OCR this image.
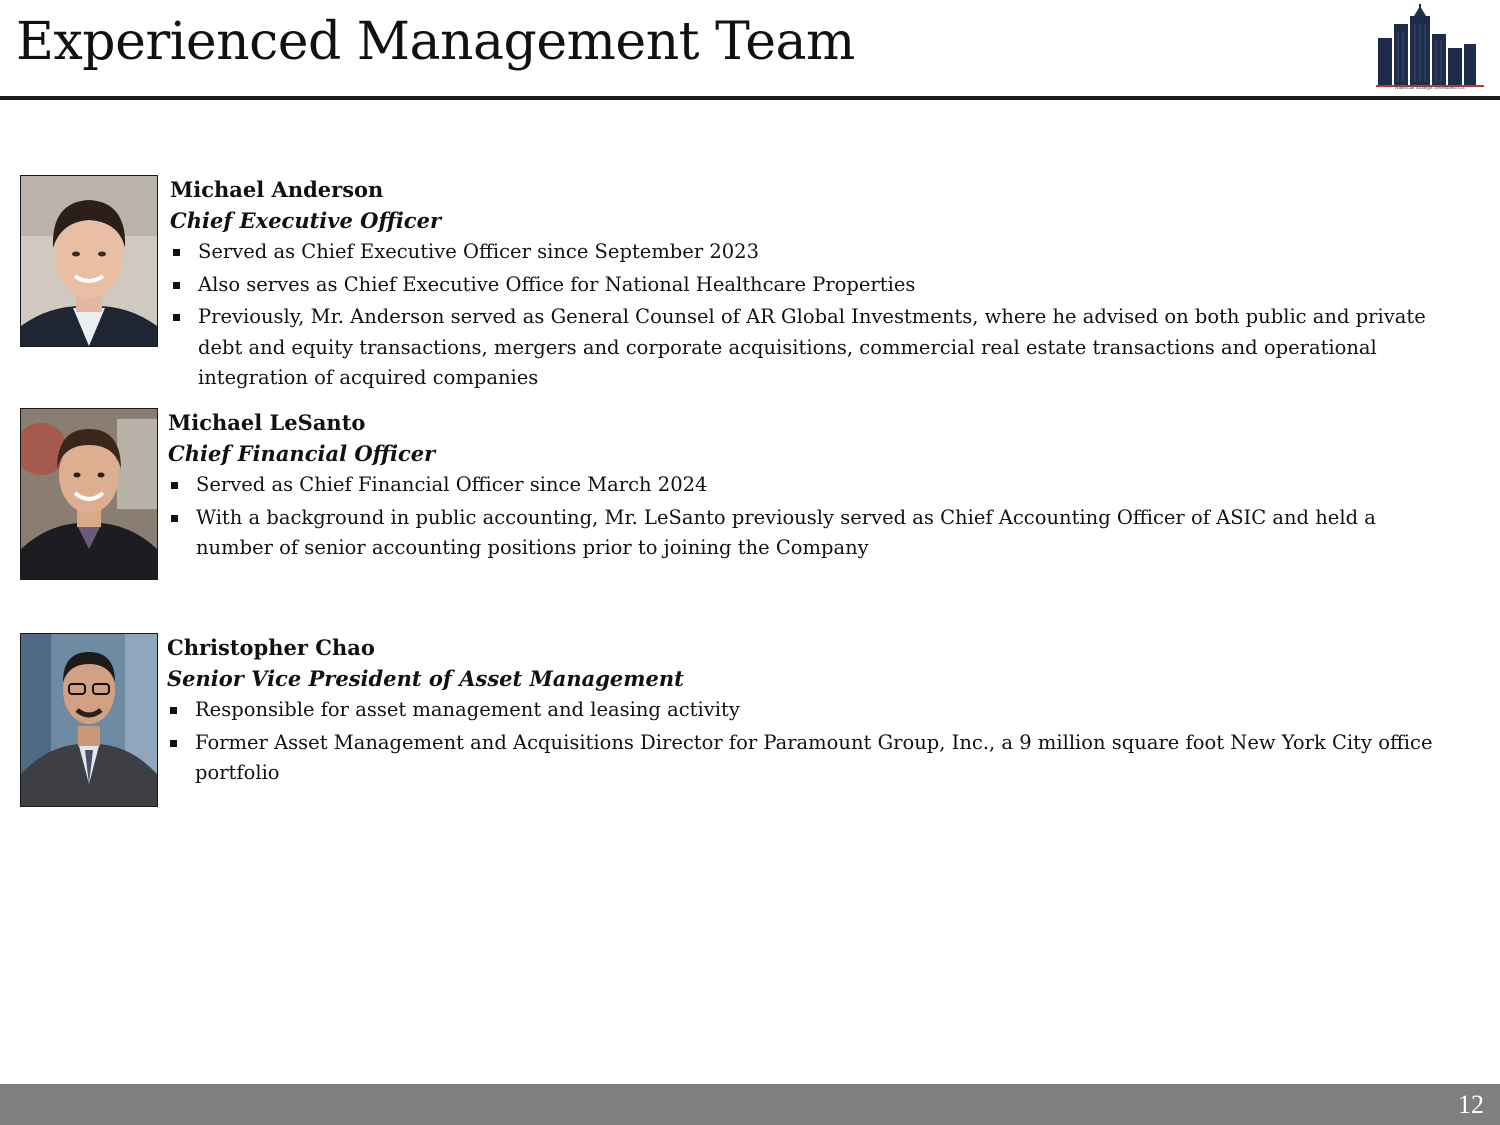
Experienced Management Team
American Strategic Investment Co.
Michael Anderson
Chief Executive Officer
Served as Chief Executive Officer since September 2023
Also serves as Chief Executive Office for National Healthcare Properties
Previously, Mr. Anderson served as General Counsel of AR Global Investments, where he advised on both public and private debt and equity transactions, mergers and corporate acquisitions, commercial real estate transactions and operational integration of acquired companies
Michael LeSanto
Chief Financial Officer
Served as Chief Financial Officer since March 2024
With a background in public accounting, Mr. LeSanto previously served as Chief Accounting Officer of ASIC and held a number of senior accounting positions prior to joining the Company
Christopher Chao
Senior Vice President of Asset Management
Responsible for asset management and leasing activity
Former Asset Management and Acquisitions Director for Paramount Group, Inc., a 9 million square foot New York City office portfolio
12
